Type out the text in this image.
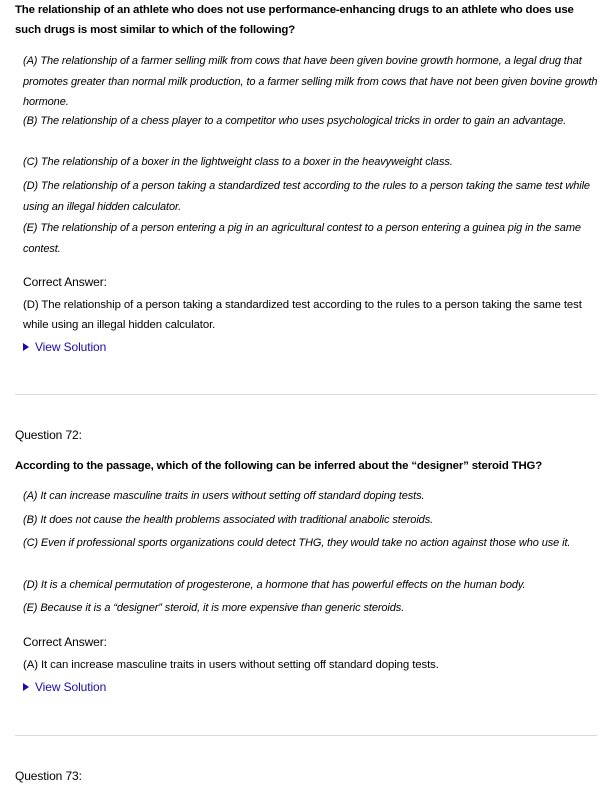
The relationship of an athlete who does not use performance-enhancing drugs to an athlete who does use such drugs is most similar to which of the following?
(A) The relationship of a farmer selling milk from cows that have been given bovine growth hormone, a legal drug that promotes greater than normal milk production, to a farmer selling milk from cows that have not been given bovine growth hormone.
(B) The relationship of a chess player to a competitor who uses psychological tricks in order to gain an advantage.
(C) The relationship of a boxer in the lightweight class to a boxer in the heavyweight class.
(D) The relationship of a person taking a standardized test according to the rules to a person taking the same test while using an illegal hidden calculator.
(E) The relationship of a person entering a pig in an agricultural contest to a person entering a guinea pig in the same contest.
Correct Answer:
(D) The relationship of a person taking a standardized test according to the rules to a person taking the same test while using an illegal hidden calculator.
View Solution
Question 72:
According to the passage, which of the following can be inferred about the “designer” steroid THG?
(A) It can increase masculine traits in users without setting off standard doping tests.
(B) It does not cause the health problems associated with traditional anabolic steroids.
(C) Even if professional sports organizations could detect THG, they would take no action against those who use it.
(D) It is a chemical permutation of progesterone, a hormone that has powerful effects on the human body.
(E) Because it is a “designer” steroid, it is more expensive than generic steroids.
Correct Answer:
(A) It can increase masculine traits in users without setting off standard doping tests.
View Solution
Question 73:
